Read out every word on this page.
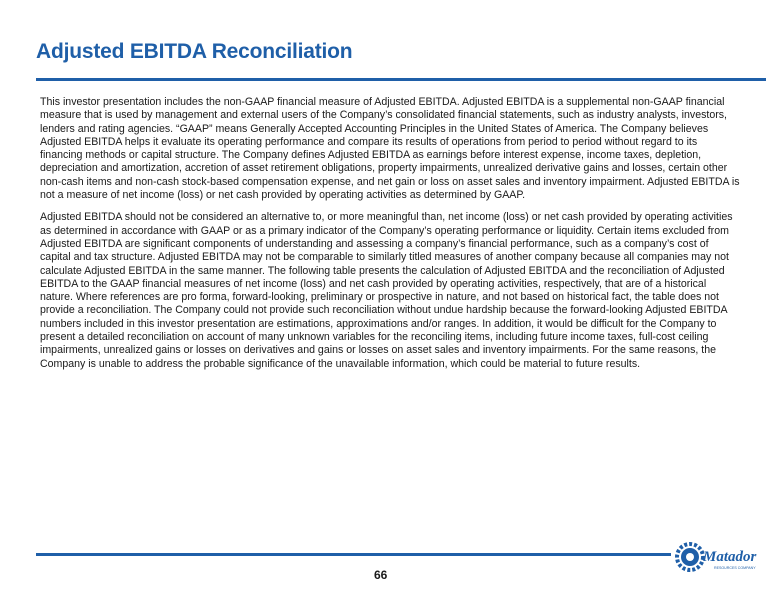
Adjusted EBITDA Reconciliation

This investor presentation includes the non-GAAP financial measure of Adjusted EBITDA. Adjusted EBITDA is a supplemental non-GAAP financial measure that is used by management and external users of the Company’s consolidated financial statements, such as industry analysts, investors, lenders and rating agencies. “GAAP” means Generally Accepted Accounting Principles in the United States of America. The Company believes Adjusted EBITDA helps it evaluate its operating performance and compare its results of operations from period to period without regard to its financing methods or capital structure. The Company defines Adjusted EBITDA as earnings before interest expense, income taxes, depletion, depreciation and amortization, accretion of asset retirement obligations, property impairments, unrealized derivative gains and losses, certain other non-cash items and non-cash stock-based compensation expense, and net gain or loss on asset sales and inventory impairment. Adjusted EBITDA is not a measure of net income (loss) or net cash provided by operating activities as determined by GAAP.

Adjusted EBITDA should not be considered an alternative to, or more meaningful than, net income (loss) or net cash provided by operating activities as determined in accordance with GAAP or as a primary indicator of the Company’s operating performance or liquidity. Certain items excluded from Adjusted EBITDA are significant components of understanding and assessing a company’s financial performance, such as a company’s cost of capital and tax structure. Adjusted EBITDA may not be comparable to similarly titled measures of another company because all companies may not calculate Adjusted EBITDA in the same manner. The following table presents the calculation of Adjusted EBITDA and the reconciliation of Adjusted EBITDA to the GAAP financial measures of net income (loss) and net cash provided by operating activities, respectively, that are of a historical nature. Where references are pro forma, forward-looking, preliminary or prospective in nature, and not based on historical fact, the table does not provide a reconciliation. The Company could not provide such reconciliation without undue hardship because the forward-looking Adjusted EBITDA numbers included in this investor presentation are estimations, approximations and/or ranges. In addition, it would be difficult for the Company to present a detailed reconciliation on account of many unknown variables for the reconciling items, including future income taxes, full-cost ceiling impairments, unrealized gains or losses on derivatives and gains or losses on asset sales and inventory impairments. For the same reasons, the Company is unable to address the probable significance of the unavailable information, which could be material to future results.

66
Matador
RESOURCES COMPANY
